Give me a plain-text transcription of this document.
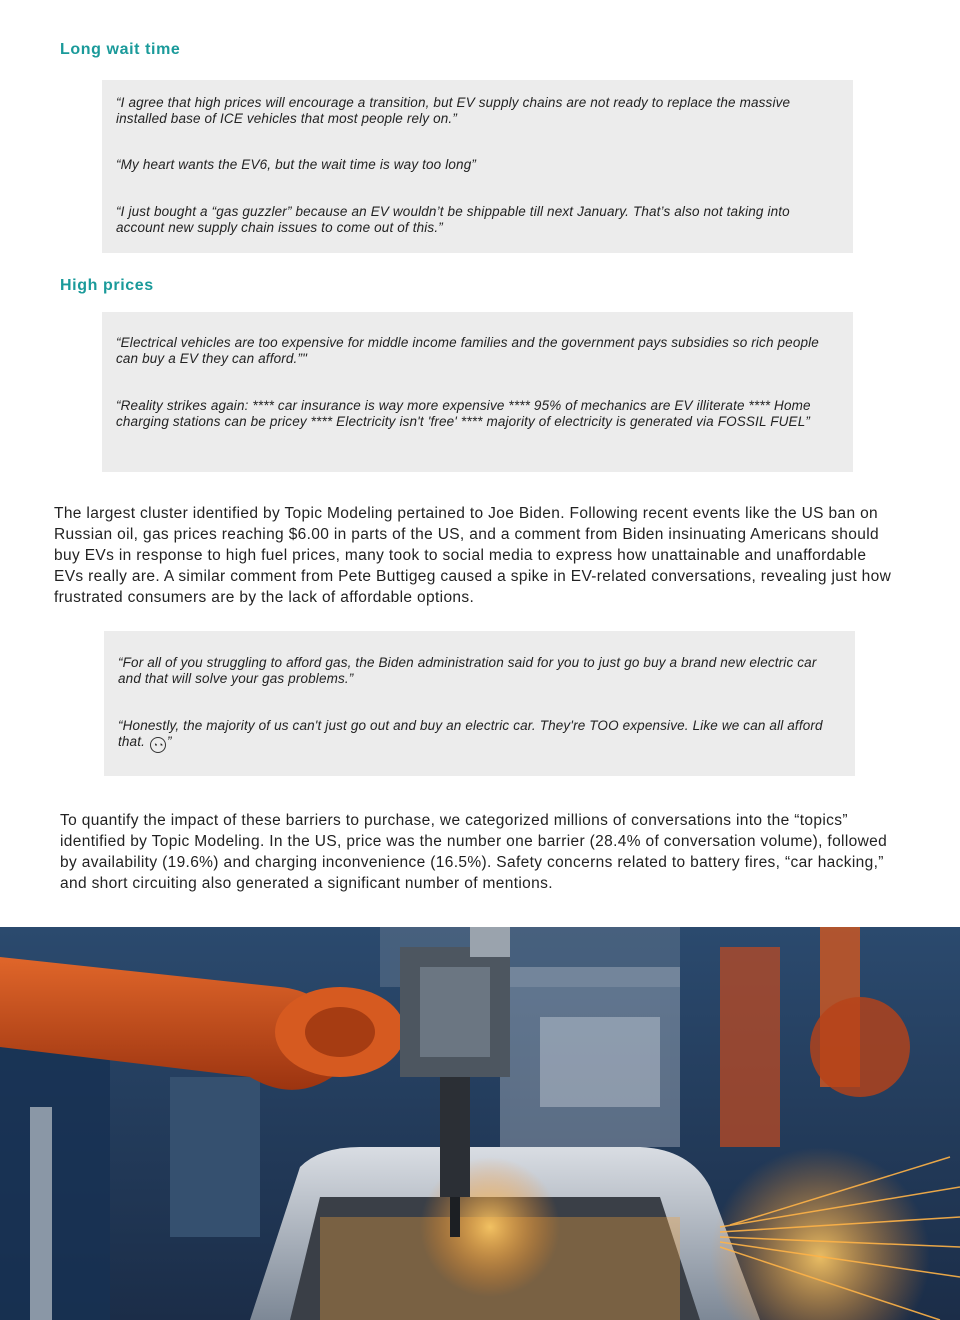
Long wait time
“I agree that high prices will encourage a transition, but EV supply chains are not ready to replace the massive installed base of ICE vehicles that most people rely on.”
“My heart wants the EV6, but the wait time is way too long”
“I just bought a “gas guzzler” because an EV wouldn’t be shippable till next January. That’s also not taking into account new supply chain issues to come out of this.”
High prices
“Electrical vehicles are too expensive for middle income families and the government pays subsidies so rich people can buy a EV they can afford.”"
“Reality strikes again: **** car insurance is way more expensive **** 95% of mechanics are EV illiterate **** Home charging stations can be pricey **** Electricity isn't 'free' **** majority of electricity is generated via FOSSIL FUEL”
The largest cluster identified by Topic Modeling pertained to Joe Biden. Following recent events like the US ban on Russian oil, gas prices reaching $6.00 in parts of the US, and a comment from Biden insinuating Americans should buy EVs in response to high fuel prices, many took to social media to express how unattainable and unaffordable EVs really are. A similar comment from Pete Buttigeg caused a spike in EV-related conversations, revealing just how frustrated consumers are by the lack of affordable options.
“For all of you struggling to afford gas, the Biden administration said for you to just go buy a brand new electric car and that will solve your gas problems.”
“Honestly, the majority of us can't just go out and buy an electric car. They're TOO expensive. Like we can all afford that. ◔◔ ”
To quantify the impact of these barriers to purchase, we categorized millions of conversations into the “topics” identified by Topic Modeling. In the US, price was the number one barrier (28.4% of conversation volume), followed by availability (19.6%) and charging inconvenience (16.5%). Safety concerns related to battery fires, “car hacking,” and short circuiting also generated a significant number of mentions.
